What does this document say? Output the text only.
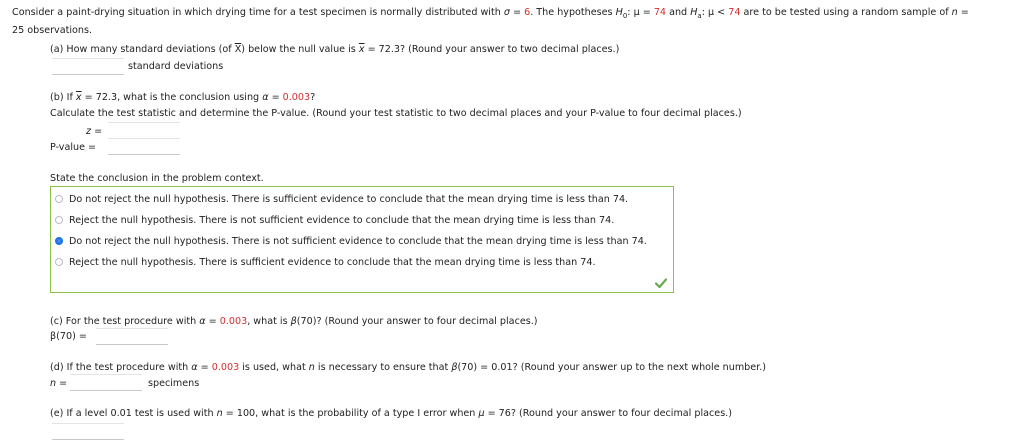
Consider a paint-drying situation in which drying time for a test specimen is normally distributed with σ = 6. The hypotheses $H_0$: μ = 74 and $H_a$: μ < 74 are to be tested using a random sample of n =
25 observations.
(a) How many standard deviations (of $\overline{X}$) below the null value is $\overline{x} = 72.3$? (Round your answer to two decimal places.)
standard deviations
(b) If $\overline{x} = 72.3$, what is the conclusion using α = 0.003?
Calculate the test statistic and determine the P-value. (Round your test statistic to two decimal places and your P-value to four decimal places.)
z =
P-value =
State the conclusion in the problem context.
Do not reject the null hypothesis. There is sufficient evidence to conclude that the mean drying time is less than 74.
Reject the null hypothesis. There is not sufficient evidence to conclude that the mean drying time is less than 74.
Do not reject the null hypothesis. There is not sufficient evidence to conclude that the mean drying time is less than 74.
Reject the null hypothesis. There is sufficient evidence to conclude that the mean drying time is less than 74.
(c) For the test procedure with α = 0.003, what is β(70)? (Round your answer to four decimal places.)
β(70) =
(d) If the test procedure with α = 0.003 is used, what n is necessary to ensure that β(70) = 0.01? (Round your answer up to the next whole number.)
n =	specimens
(e) If a level 0.01 test is used with n = 100, what is the probability of a type I error when μ = 76? (Round your answer to four decimal places.)
